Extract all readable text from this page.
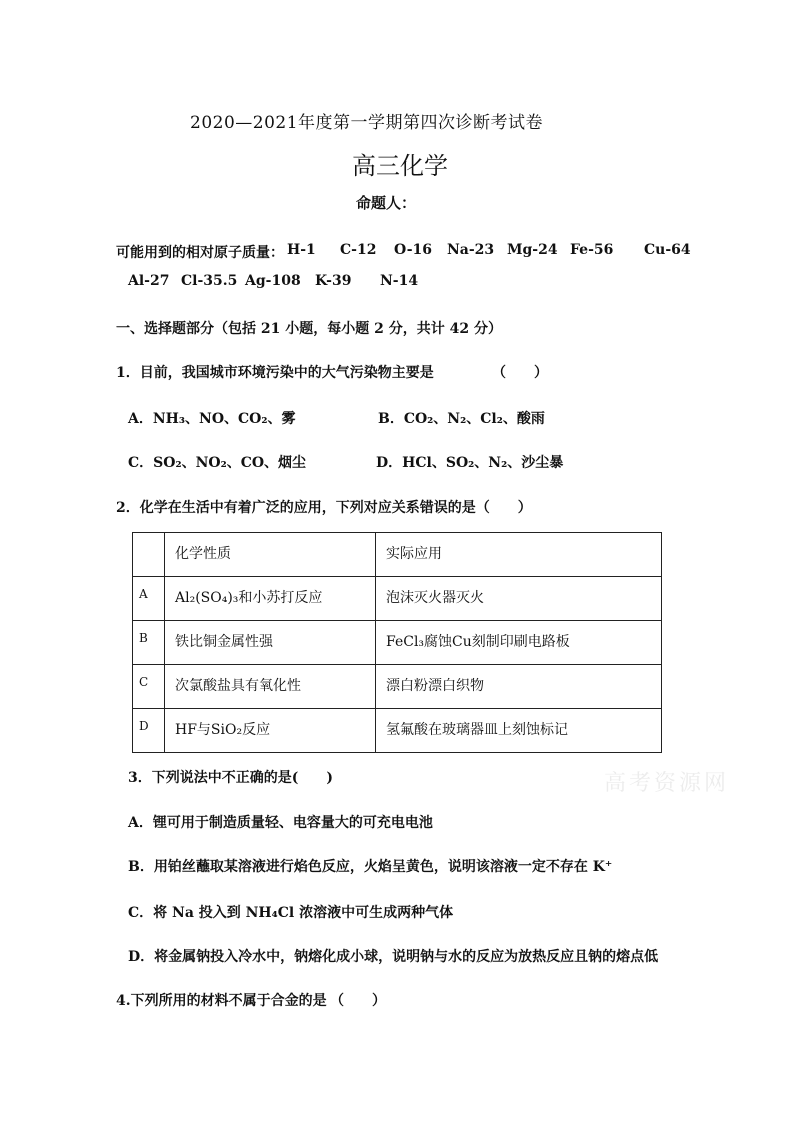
2020—2021年度第一学期第四次诊断考试卷
高三化学
命题人：
可能用到的相对原子质量： H-1 C-12 O-16 Na-23 Mg-24 Fe-56 Cu-64
Al-27 Cl-35.5 Ag-108 K-39 N-14
一、选择题部分（包括 21 小题，每小题 2 分，共计 42 分）
1．目前，我国城市环境污染中的大气污染物主要是	（　　）
A．NH₃、NO、CO₂、雾	B．CO₂、N₂、Cl₂、酸雨
C．SO₂、NO₂、CO、烟尘	D．HCl、SO₂、N₂、沙尘暴
2．化学在生活中有着广泛的应用，下列对应关系错误的是（　　）
	化学性质	实际应用
A	Al₂(SO₄)₃和小苏打反应	泡沫灭火器灭火
B	铁比铜金属性强	FeCl₃腐蚀Cu刻制印刷电路板
C	次氯酸盐具有氧化性	漂白粉漂白织物
D	HF与SiO₂反应	氢氟酸在玻璃器皿上刻蚀标记
高考资源网
3．下列说法中不正确的是(　　)
A．锂可用于制造质量轻、电容量大的可充电电池
B．用铂丝蘸取某溶液进行焰色反应，火焰呈黄色，说明该溶液一定不存在 K⁺
C．将 Na 投入到 NH₄Cl 浓溶液中可生成两种气体
D．将金属钠投入冷水中，钠熔化成小球，说明钠与水的反应为放热反应且钠的熔点低
4.下列所用的材料不属于合金的是 （　　）
